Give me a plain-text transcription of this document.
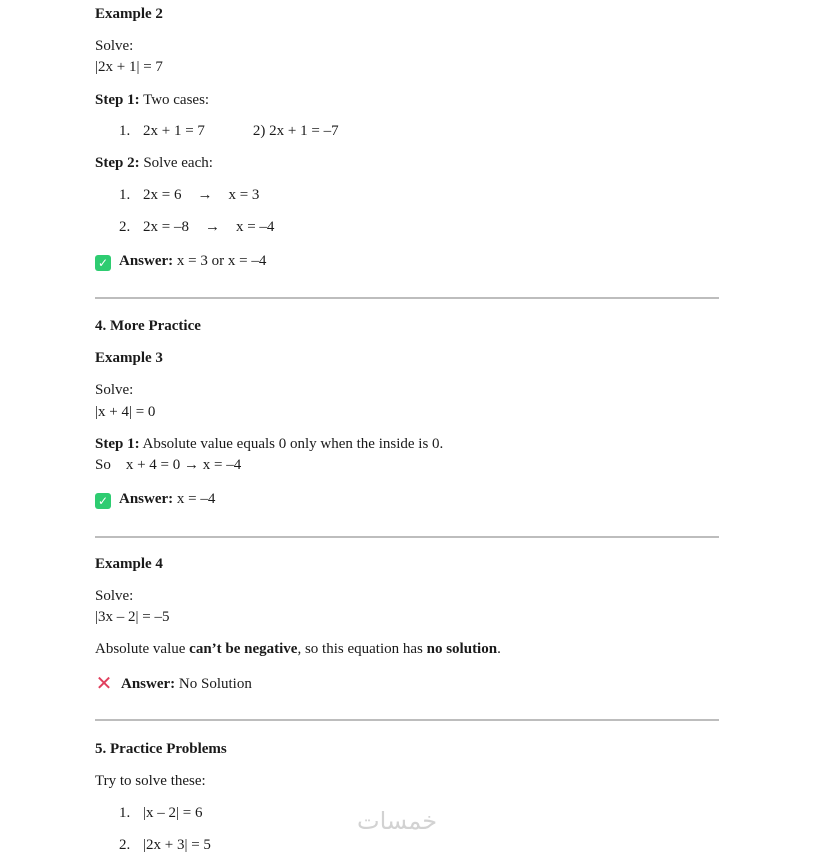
Example 2
Solve:
|2x + 1| = 7
Step 1: Two cases:
1. 2x + 1 = 7	2) 2x + 1 = –7
Step 2: Solve each:
1. 2x = 6 → x = 3
2. 2x = –8 → x = –4
✓ Answer: x = 3 or x = –4
4. More Practice
Example 3
Solve:
|x + 4| = 0
Step 1: Absolute value equals 0 only when the inside is 0.
So    x + 4 = 0 → x = –4
✓ Answer: x = –4
Example 4
Solve:
|3x – 2| = –5
Absolute value can’t be negative, so this equation has no solution.
✕ Answer: No Solution
5. Practice Problems
Try to solve these:
1. |x – 2| = 6
2. |2x + 3| = 5
خمسات
